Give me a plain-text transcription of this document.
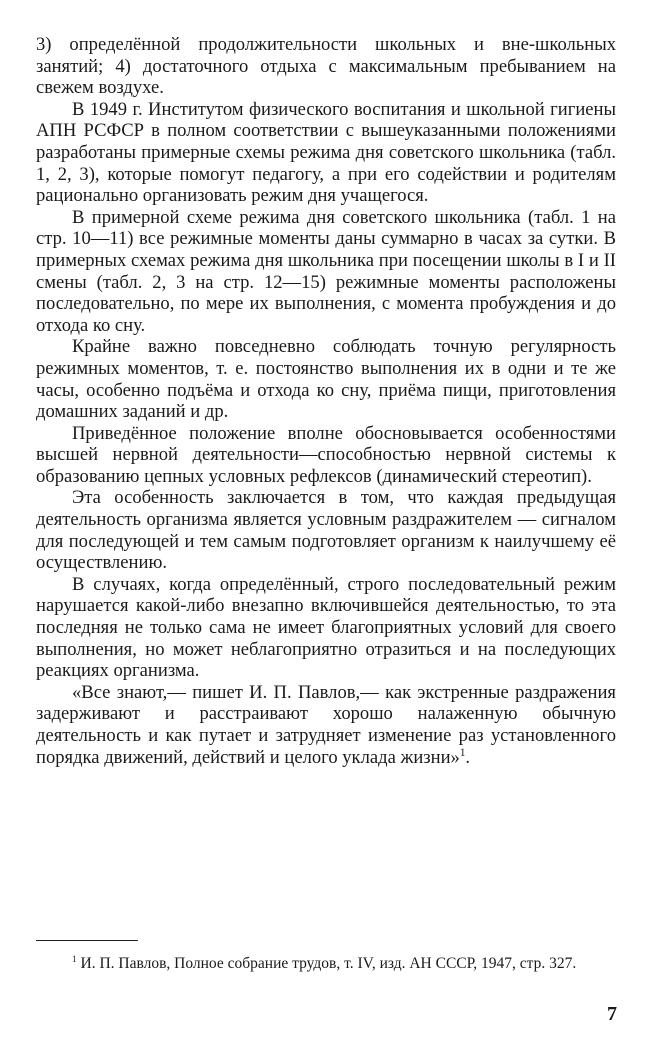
3) определённой продолжительности школьных и вне-школьных занятий; 4) достаточного отдыха с максимальным пребыванием на свежем воздухе.

В 1949 г. Институтом физического воспитания и школьной гигиены АПН РСФСР в полном соответствии с вышеуказанными положениями разработаны примерные схемы режима дня советского школьника (табл. 1, 2, 3), которые помогут педагогу, а при его содействии и родителям рационально организовать режим дня учащегося.

В примерной схеме режима дня советского школьника (табл. 1 на стр. 10—11) все режимные моменты даны суммарно в часах за сутки. В примерных схемах режима дня школьника при посещении школы в I и II смены (табл. 2, 3 на стр. 12—15) режимные моменты расположены последовательно, по мере их выполнения, с момента пробуждения и до отхода ко сну.

Крайне важно повседневно соблюдать точную регулярность режимных моментов, т. е. постоянство выполнения их в одни и те же часы, особенно подъёма и отхода ко сну, приёма пищи, приготовления домашних заданий и др.

Приведённое положение вполне обосновывается особенностями высшей нервной деятельности—способностью нервной системы к образованию цепных условных рефлексов (динамический стереотип).

Эта особенность заключается в том, что каждая предыдущая деятельность организма является условным раздражителем — сигналом для последующей и тем самым подготовляет организм к наилучшему её осуществлению.

В случаях, когда определённый, строго последовательный режим нарушается какой-либо внезапно включившейся деятельностью, то эта последняя не только сама не имеет благоприятных условий для своего выполнения, но может неблагоприятно отразиться и на последующих реакциях организма.

«Все знают,— пишет И. П. Павлов,— как экстренные раздражения задерживают и расстраивают хорошо налаженную обычную деятельность и как путает и затрудняет изменение раз установленного порядка движений, действий и целого уклада жизни»$^1$.

$^1$ И. П. Павлов, Полное собрание трудов, т. IV, изд. АН СССР, 1947, стр. 327.
7
